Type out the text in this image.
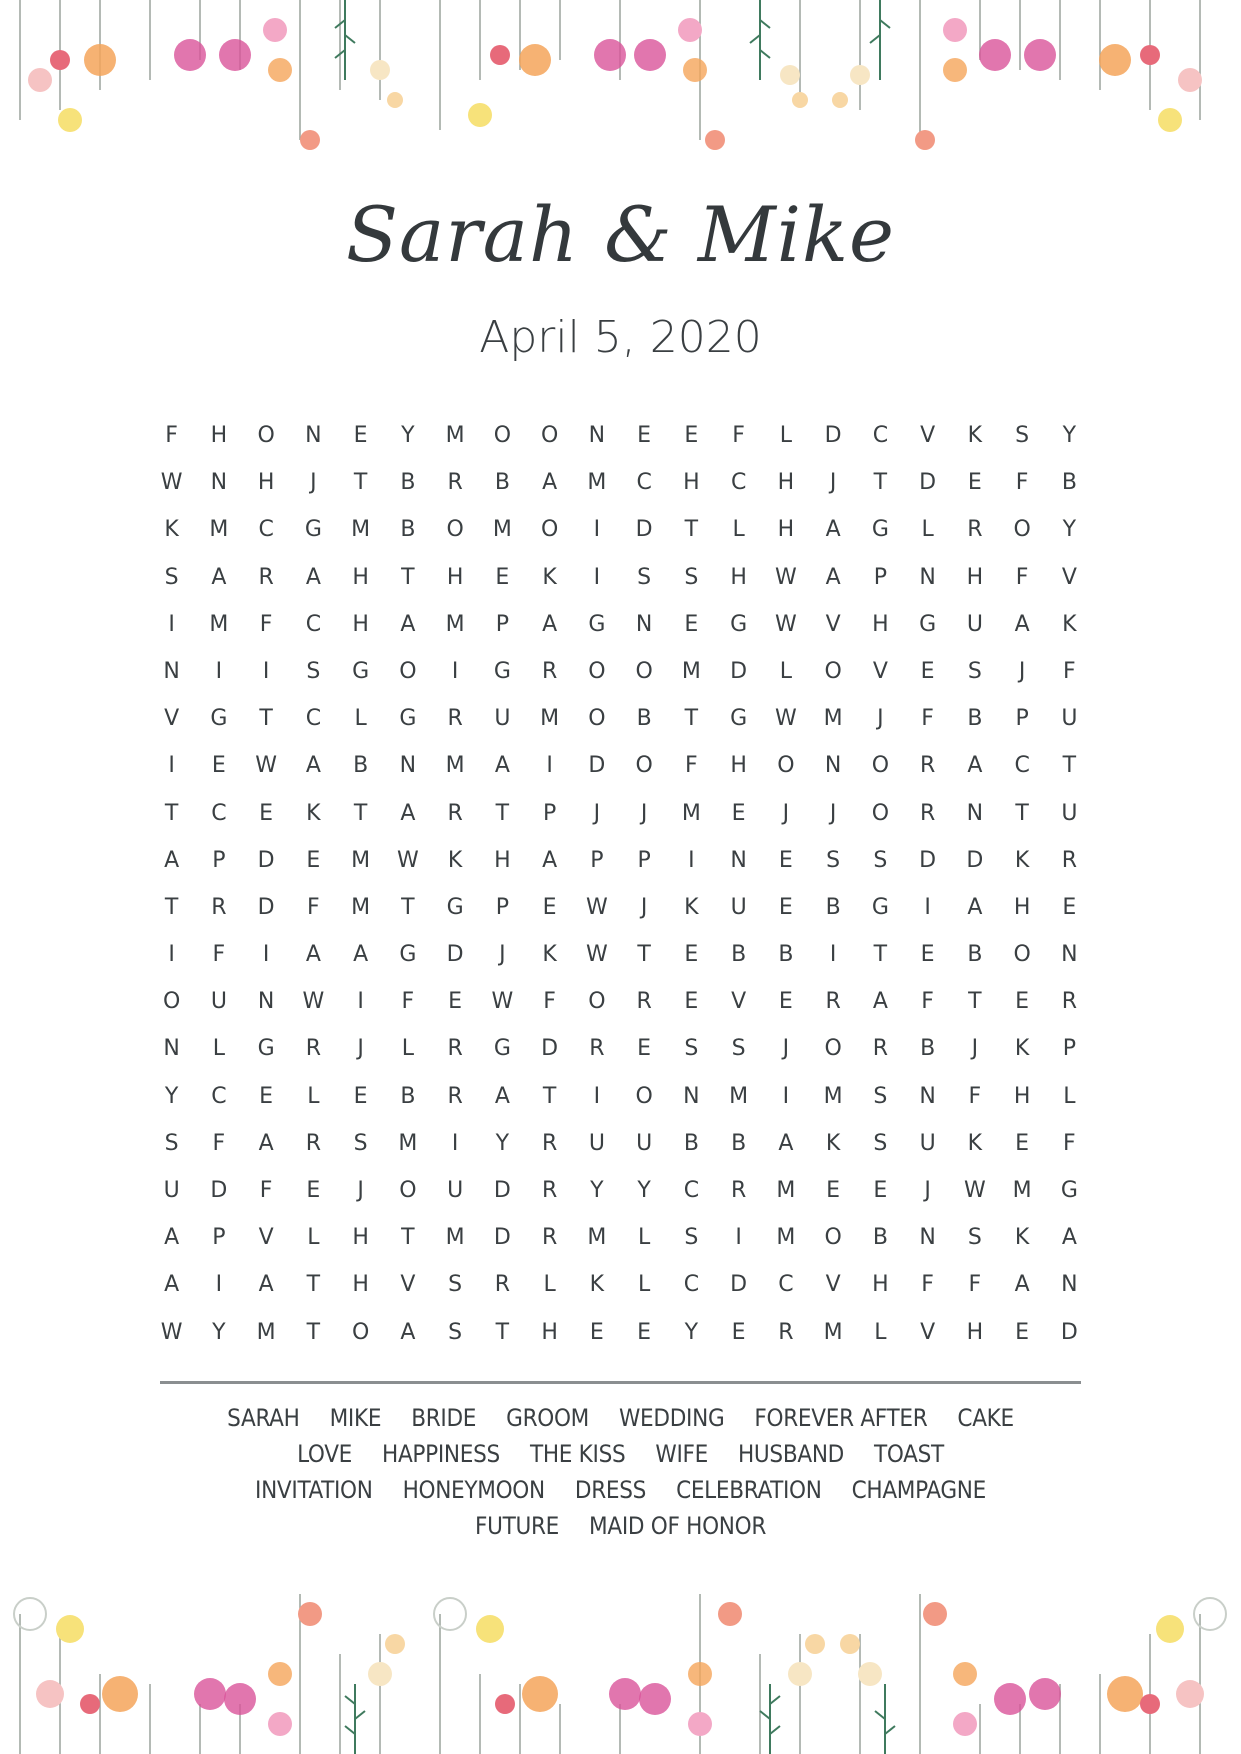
Sarah & Mike
April 5, 2020
F	H	O	N	E	Y	M	O	O	N	E	E	F	L	D	C	V	K	S	Y
W	N	H	J	T	B	R	B	A	M	C	H	C	H	J	T	D	E	F	B
K	M	C	G	M	B	O	M	O	I	D	T	L	H	A	G	L	R	O	Y
S	A	R	A	H	T	H	E	K	I	S	S	H	W	A	P	N	H	F	V
I	M	F	C	H	A	M	P	A	G	N	E	G	W	V	H	G	U	A	K
N	I	I	S	G	O	I	G	R	O	O	M	D	L	O	V	E	S	J	F
V	G	T	C	L	G	R	U	M	O	B	T	G	W	M	J	F	B	P	U
I	E	W	A	B	N	M	A	I	D	O	F	H	O	N	O	R	A	C	T
T	C	E	K	T	A	R	T	P	J	J	M	E	J	J	O	R	N	T	U
A	P	D	E	M	W	K	H	A	P	P	I	N	E	S	S	D	D	K	R
T	R	D	F	M	T	G	P	E	W	J	K	U	E	B	G	I	A	H	E
I	F	I	A	A	G	D	J	K	W	T	E	B	B	I	T	E	B	O	N
O	U	N	W	I	F	E	W	F	O	R	E	V	E	R	A	F	T	E	R
N	L	G	R	J	L	R	G	D	R	E	S	S	J	O	R	B	J	K	P
Y	C	E	L	E	B	R	A	T	I	O	N	M	I	M	S	N	F	H	L
S	F	A	R	S	M	I	Y	R	U	U	B	B	A	K	S	U	K	E	F
U	D	F	E	J	O	U	D	R	Y	Y	C	R	M	E	E	J	W	M	G
A	P	V	L	H	T	M	D	R	M	L	S	I	M	O	B	N	S	K	A
A	I	A	T	H	V	S	R	L	K	L	C	D	C	V	H	F	F	A	N
W	Y	M	T	O	A	S	T	H	E	E	Y	E	R	M	L	V	H	E	D
SARAH MIKE BRIDE GROOM WEDDING FOREVER AFTER CAKE
LOVE HAPPINESS THE KISS WIFE HUSBAND TOAST
INVITATION HONEYMOON DRESS CELEBRATION CHAMPAGNE
FUTURE MAID OF HONOR
